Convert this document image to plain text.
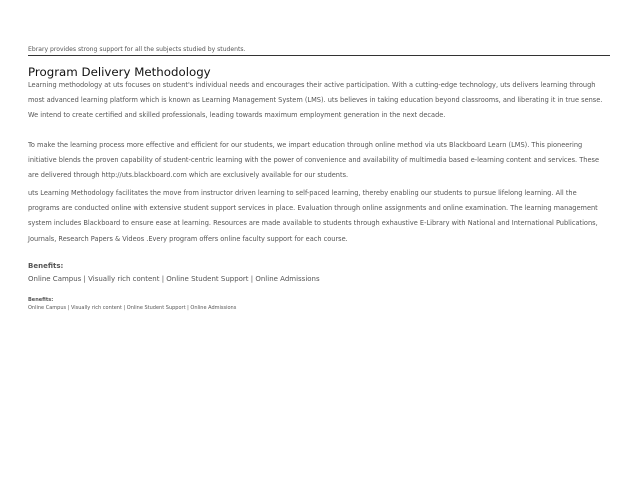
Ebrary provides strong support for all the subjects studied by students.
Program Delivery Methodology
Learning methodology at uts focuses on student's individual needs and encourages their active participation. With a cutting-edge technology, uts delivers learning through most advanced learning platform which is known as Learning Management System (LMS). uts believes in taking education beyond classrooms, and liberating it in true sense. We intend to create certified and skilled professionals, leading towards maximum employment generation in the next decade.
To make the learning process more effective and efficient for our students, we impart education through online method via uts Blackboard Learn (LMS). This pioneering initiative blends the proven capability of student-centric learning with the power of convenience and availability of multimedia based e-learning content and services. These are delivered through http://uts.blackboard.com which are exclusively available for our students.
uts Learning Methodology facilitates the move from instructor driven learning to self-paced learning, thereby enabling our students to pursue lifelong learning. All the programs are conducted online with extensive student support services in place. Evaluation through online assignments and online examination. The learning management system includes Blackboard to ensure ease at learning. Resources are made available to students through exhaustive E-Library with National and International Publications, Journals, Research Papers & Videos .Every program offers online faculty support for each course.
Benefits:
Online Campus | Visually rich content | Online Student Support | Online Admissions
Benefits:
Online Campus | Visually rich content | Online Student Support | Online Admissions
